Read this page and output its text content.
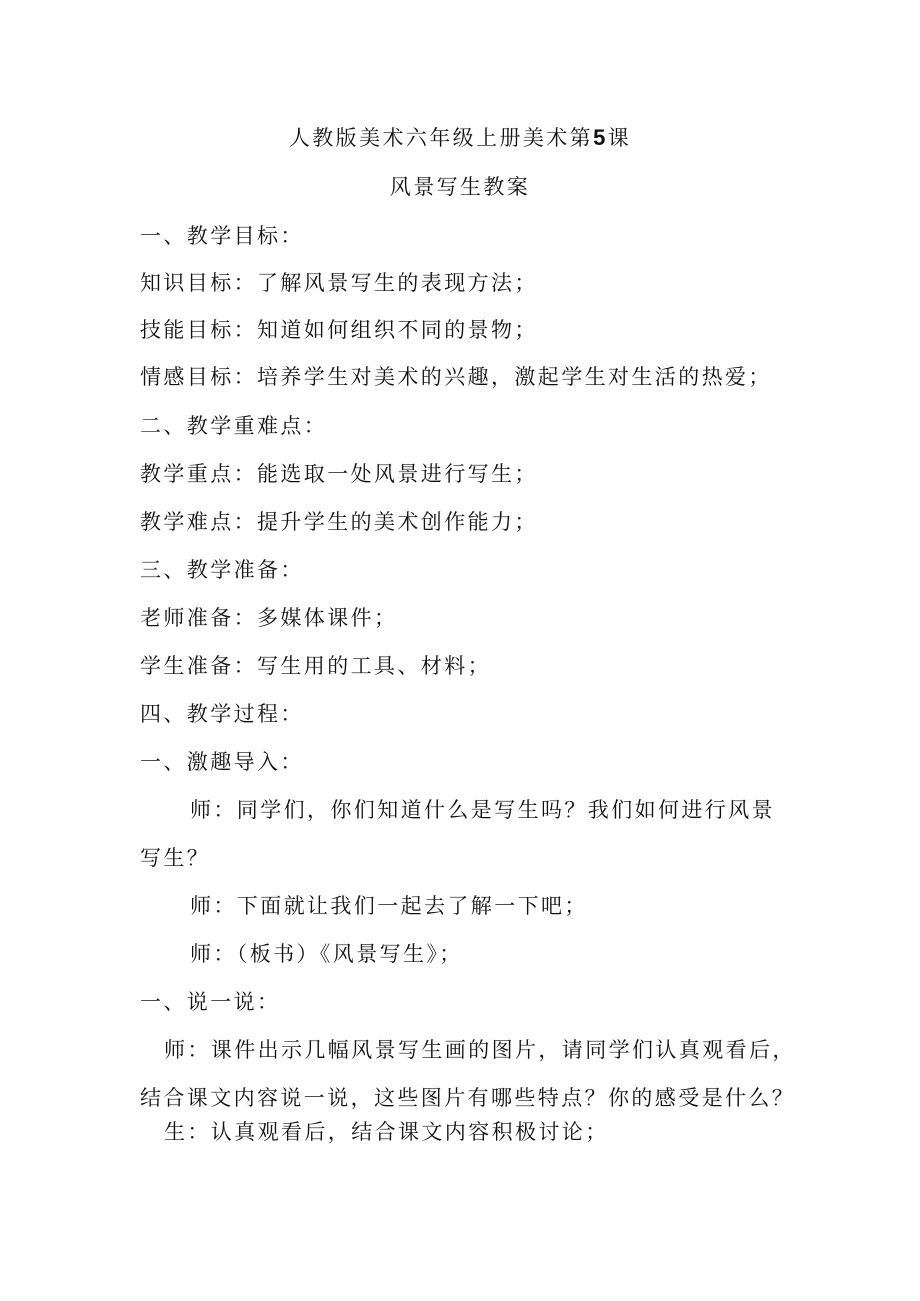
人教版美术六年级上册美术第5课
风景写生教案
一、教学目标：
知识目标：了解风景写生的表现方法；
技能目标：知道如何组织不同的景物；
情感目标：培养学生对美术的兴趣，激起学生对生活的热爱；
二、教学重难点：
教学重点：能选取一处风景进行写生；
教学难点：提升学生的美术创作能力；
三、教学准备：
老师准备：多媒体课件；
学生准备：写生用的工具、材料；
四、教学过程：
一、激趣导入：
师：同学们，你们知道什么是写生吗？我们如何进行风景
写生？
师：下面就让我们一起去了解一下吧；
师：（板书）《风景写生》；
一、说一说：
师：课件出示几幅风景写生画的图片，请同学们认真观看后，
结合课文内容说一说，这些图片有哪些特点？你的感受是什么？
生：认真观看后，结合课文内容积极讨论；
